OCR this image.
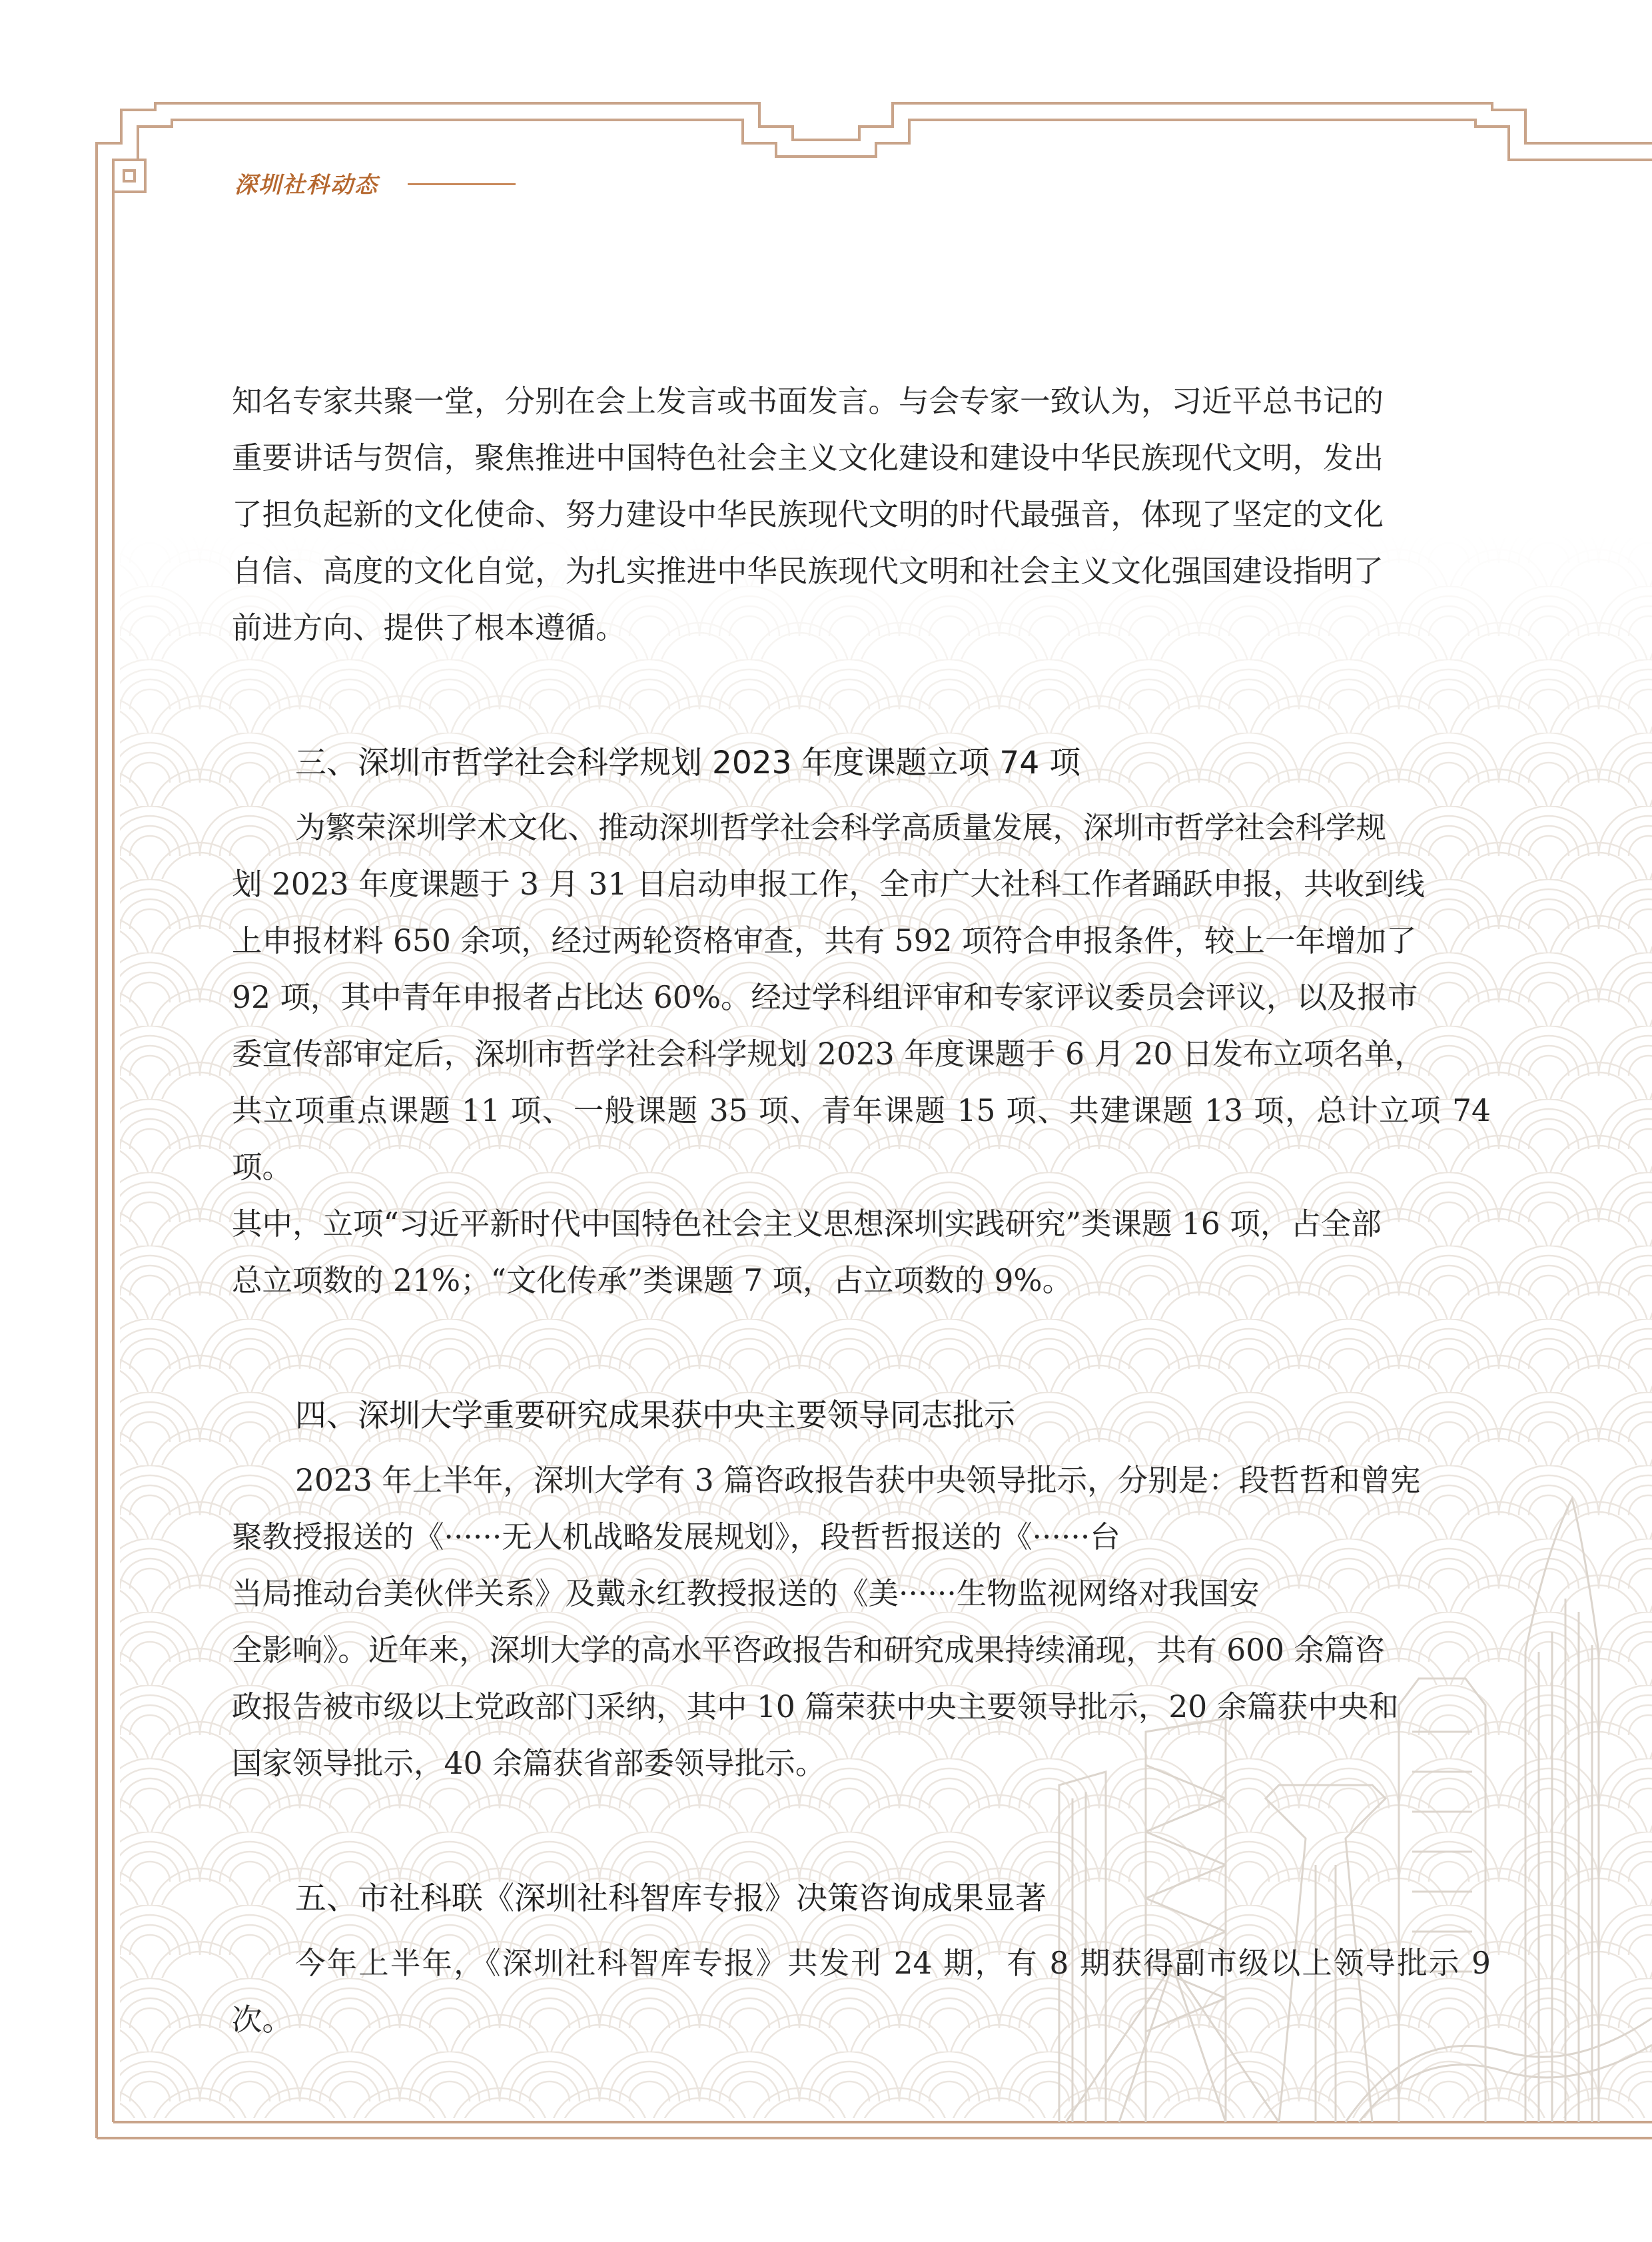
深圳社科动态

知名专家共聚一堂，分别在会上发言或书面发言。与会专家一致认为，习近平总书记的
重要讲话与贺信，聚焦推进中国特色社会主义文化建设和建设中华民族现代文明，发出
了担负起新的文化使命、努力建设中华民族现代文明的时代最强音，体现了坚定的文化
自信、高度的文化自觉，为扎实推进中华民族现代文明和社会主义文化强国建设指明了
前进方向、提供了根本遵循。

三、深圳市哲学社会科学规划 2023 年度课题立项 74 项

为繁荣深圳学术文化、推动深圳哲学社会科学高质量发展，深圳市哲学社会科学规
划 2023 年度课题于 3 月 31 日启动申报工作，全市广大社科工作者踊跃申报，共收到线
上申报材料 650 余项，经过两轮资格审查，共有 592 项符合申报条件，较上一年增加了
92 项，其中青年申报者占比达 60%。经过学科组评审和专家评议委员会评议，以及报市
委宣传部审定后，深圳市哲学社会科学规划 2023 年度课题于 6 月 20 日发布立项名单，
共立项重点课题 11 项、一般课题 35 项、青年课题 15 项、共建课题 13 项，总计立项 74 项。
其中，立项“习近平新时代中国特色社会主义思想深圳实践研究”类课题 16 项，占全部
总立项数的 21%；“文化传承”类课题 7 项，占立项数的 9%。

四、深圳大学重要研究成果获中央主要领导同志批示

2023 年上半年，深圳大学有 3 篇咨政报告获中央领导批示，分别是：段哲哲和曾宪
聚教授报送的《······无人机战略发展规划》，段哲哲报送的《······台
当局推动台美伙伴关系》及戴永红教授报送的《美······生物监视网络对我国安
全影响》。近年来，深圳大学的高水平咨政报告和研究成果持续涌现，共有 600 余篇咨
政报告被市级以上党政部门采纳，其中 10 篇荣获中央主要领导批示，20 余篇获中央和
国家领导批示，40 余篇获省部委领导批示。

五、市社科联《深圳社科智库专报》决策咨询成果显著

今年上半年，《深圳社科智库专报》共发刊 24 期，有 8 期获得副市级以上领导批示 9 次。
